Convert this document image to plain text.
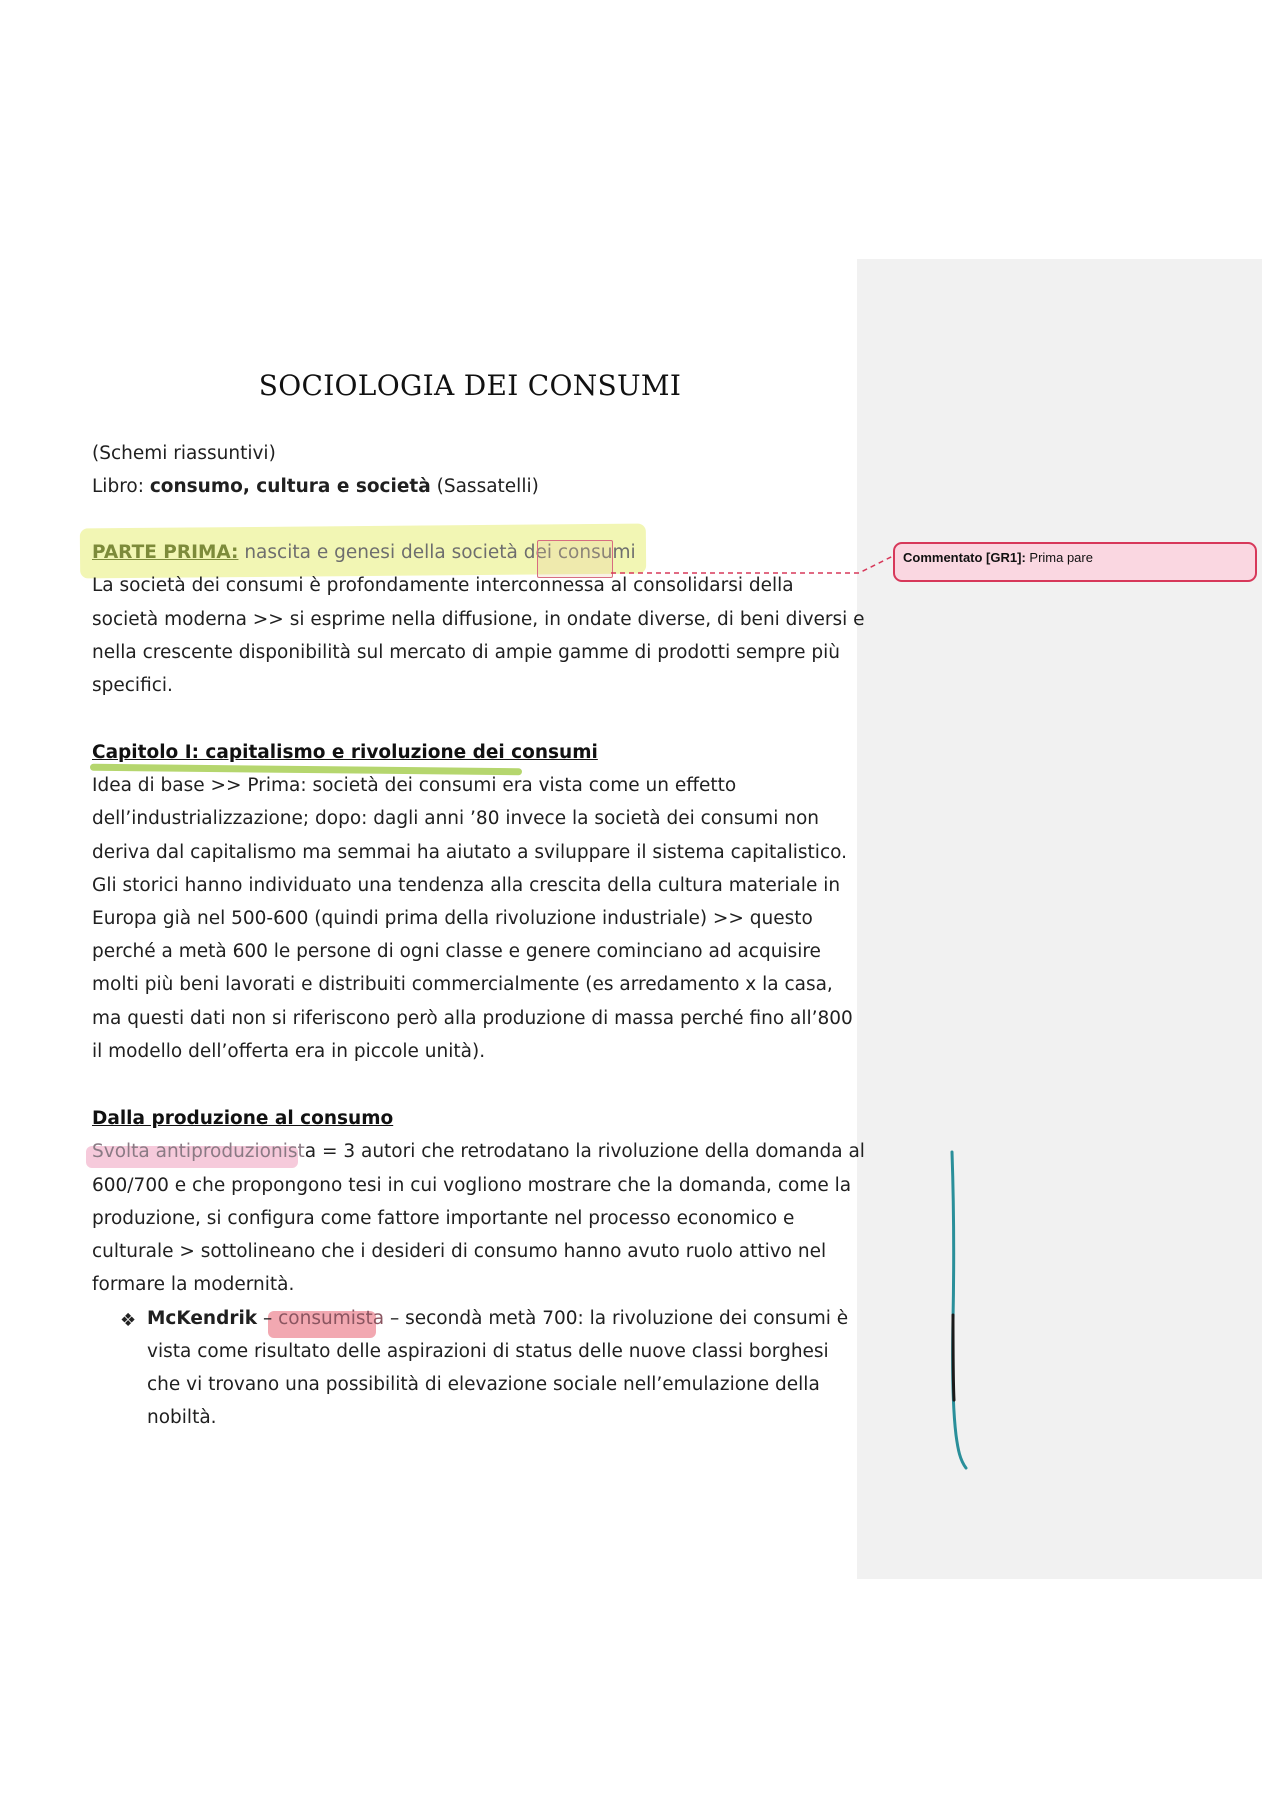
SOCIOLOGIA DEI CONSUMI
(Schemi riassuntivi)
Libro: consumo, cultura e società (Sassatelli)
PARTE PRIMA: nascita e genesi della società dei consumi
La società dei consumi è profondamente interconnessa al consolidarsi della
società moderna >> si esprime nella diffusione, in ondate diverse, di beni diversi e
nella crescente disponibilità sul mercato di ampie gamme di prodotti sempre più
specifici.
Capitolo I: capitalismo e rivoluzione dei consumi
Idea di base >> Prima: società dei consumi era vista come un effetto
dell’industrializzazione; dopo: dagli anni ’80 invece la società dei consumi non
deriva dal capitalismo ma semmai ha aiutato a sviluppare il sistema capitalistico.
Gli storici hanno individuato una tendenza alla crescita della cultura materiale in
Europa già nel 500-600 (quindi prima della rivoluzione industriale) >> questo
perché a metà 600 le persone di ogni classe e genere cominciano ad acquisire
molti più beni lavorati e distribuiti commercialmente (es arredamento x la casa,
ma questi dati non si riferiscono però alla produzione di massa perché fino all’800
il modello dell’offerta era in piccole unità).
Dalla produzione al consumo
Svolta antiproduzionista = 3 autori che retrodatano la rivoluzione della domanda al
600/700 e che propongono tesi in cui vogliono mostrare che la domanda, come la
produzione, si configura come fattore importante nel processo economico e
culturale > sottolineano che i desideri di consumo hanno avuto ruolo attivo nel
formare la modernità.
❖ McKendrik – consumista – secondà metà 700: la rivoluzione dei consumi è
vista come risultato delle aspirazioni di status delle nuove classi borghesi
che vi trovano una possibilità di elevazione sociale nell’emulazione della
nobiltà.
Commentato [GR1]: Prima pare
